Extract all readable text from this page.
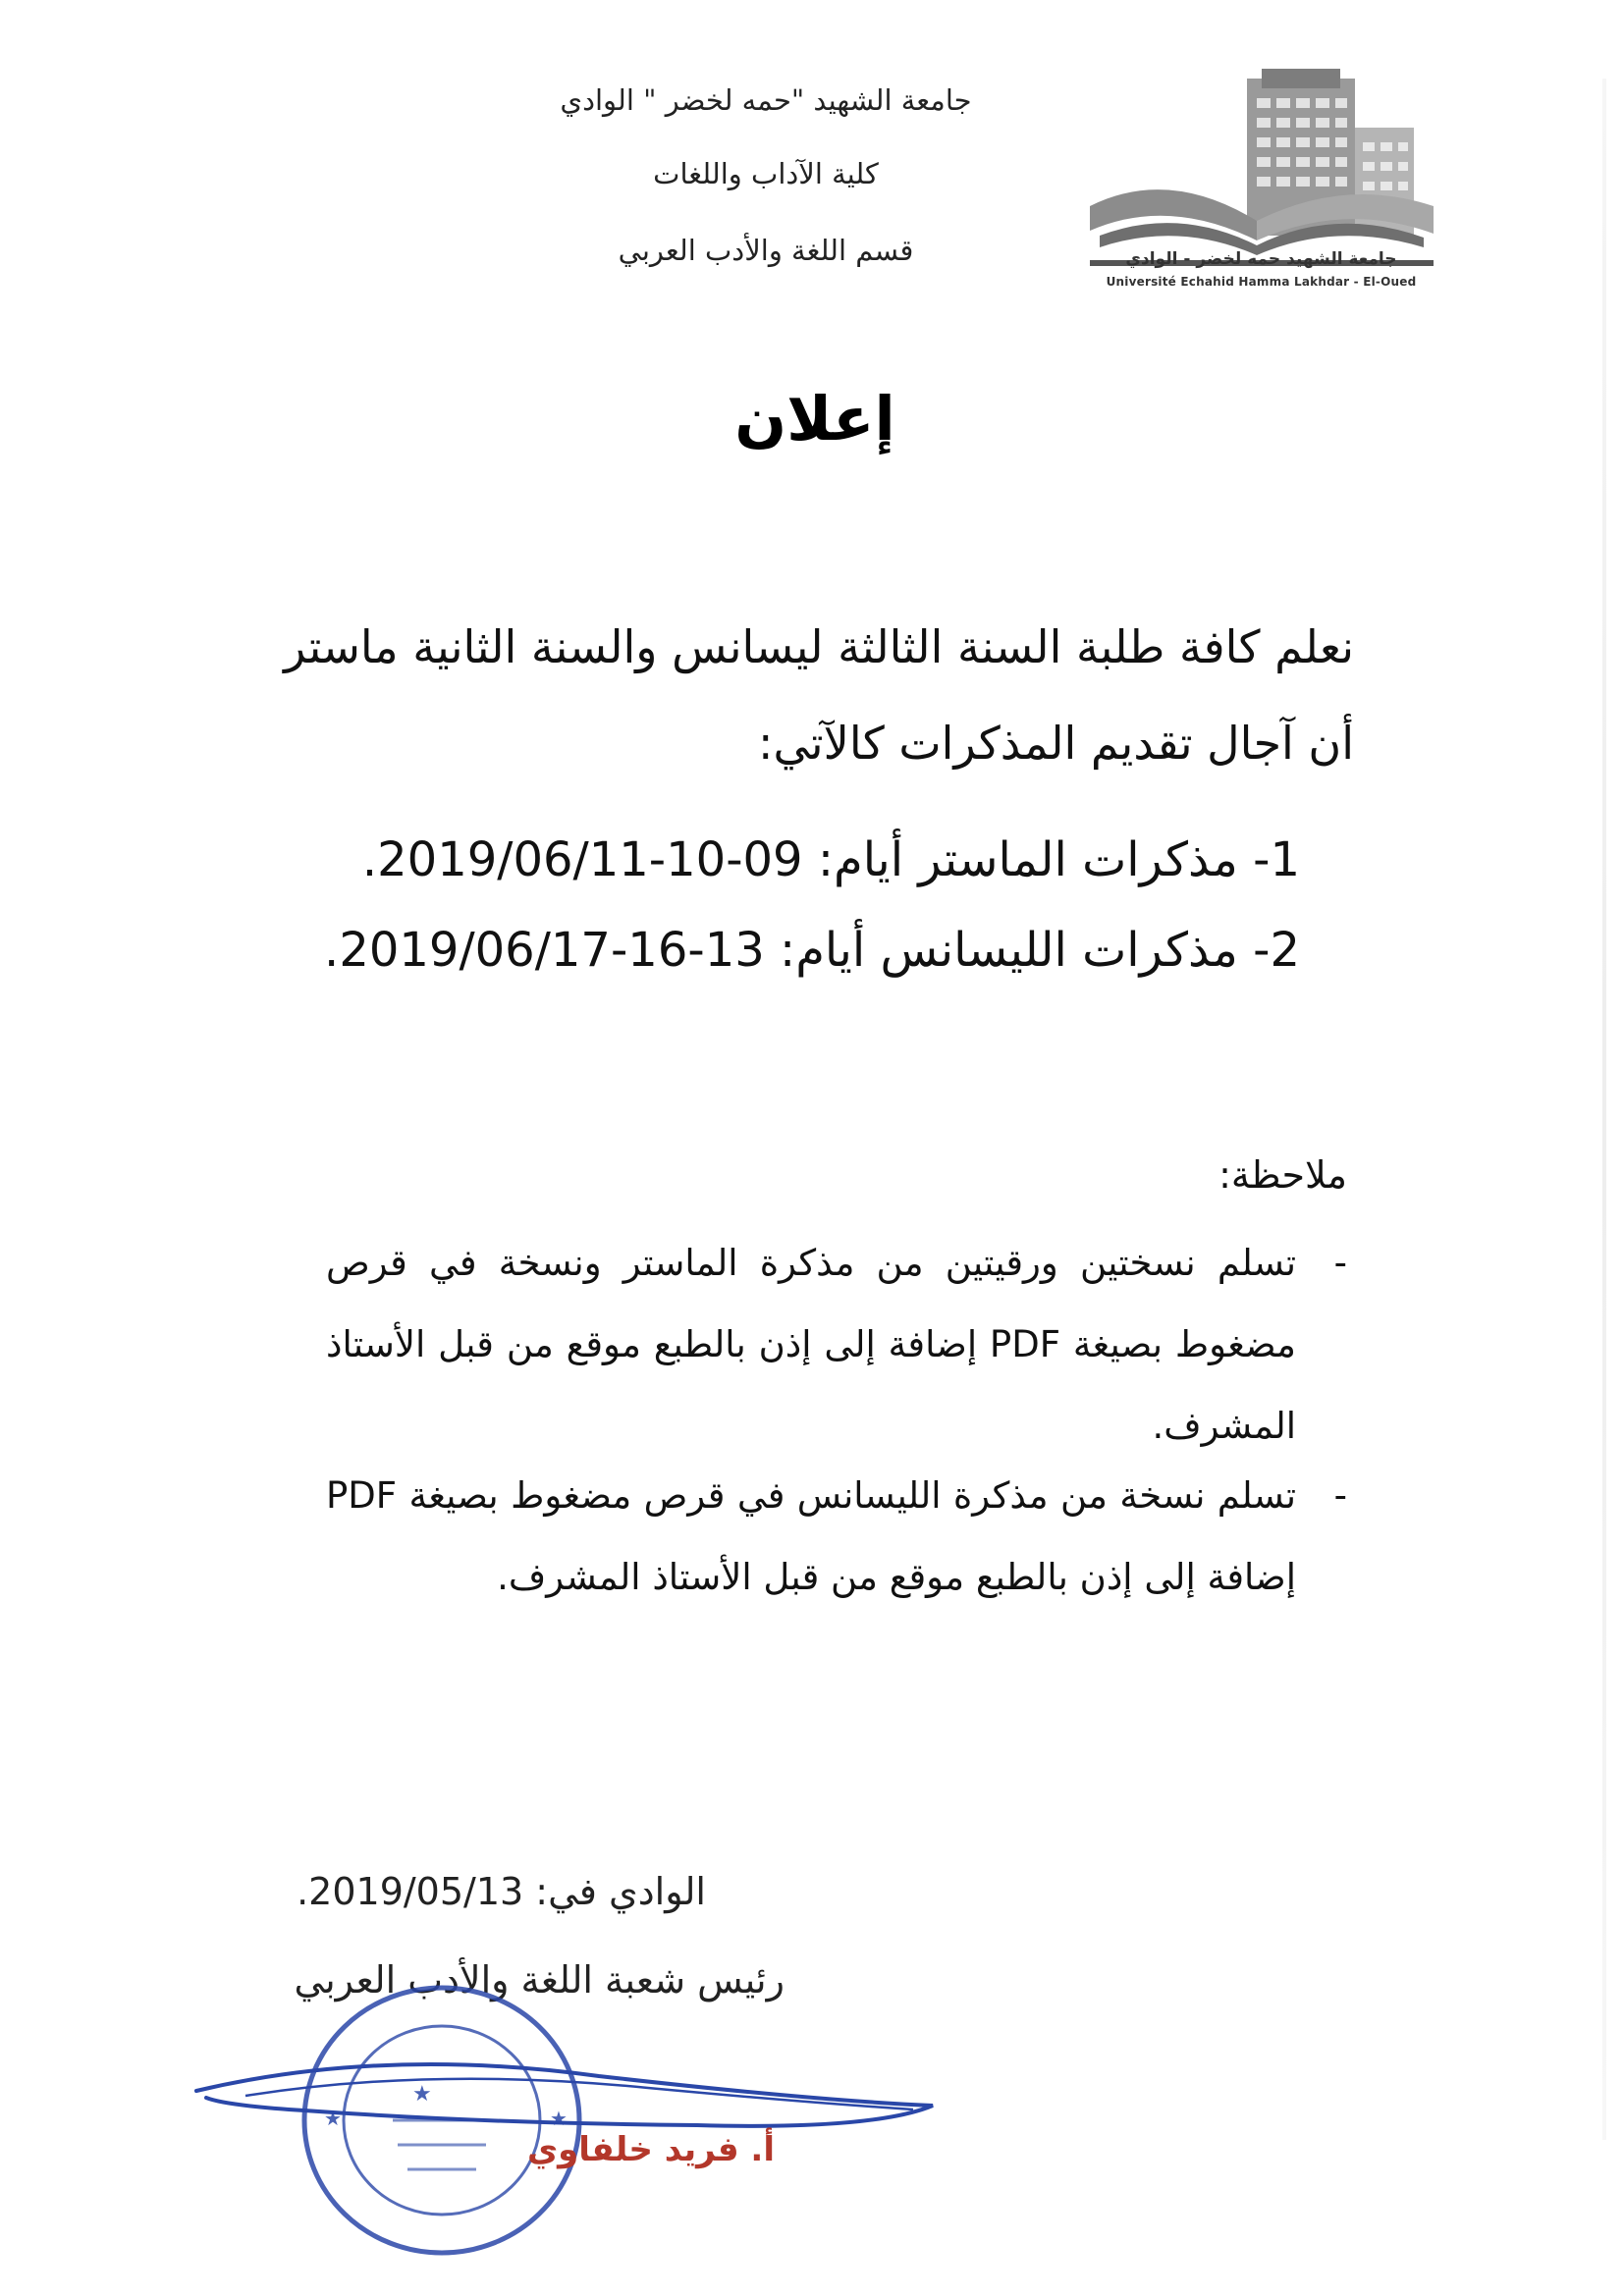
جامعة الشهيد "حمه لخضر " الوادي
كلية الآداب واللغات
قسم اللغة والأدب العربي	جامعة الشهيد حمه لخضر - الوادي
Université Echahid Hamma Lakhdar - El-Oued
إعلان
نعلم كافة طلبة السنة الثالثة ليسانس والسنة الثانية ماستر
أن آجال تقديم المذكرات كالآتي:
1- مذكرات الماستر أيام: 09-10-2019/06/11.
2- مذكرات الليسانس أيام: 13-16-2019/06/17.
ملاحظة:
-
تسلم نسختين ورقيتين من مذكرة الماستر ونسخة في قرص مضغوط بصيغة PDF إضافة إلى إذن بالطبع موقع من قبل الأستاذ المشرف.
-
تسلم نسخة من مذكرة الليسانس في قرص مضغوط بصيغة PDF إضافة إلى إذن بالطبع موقع من قبل الأستاذ المشرف.
الوادي في: 2019/05/13.
رئيس شعبة اللغة والأدب العربي
★
★	★
أ. فريد خلفاوي
